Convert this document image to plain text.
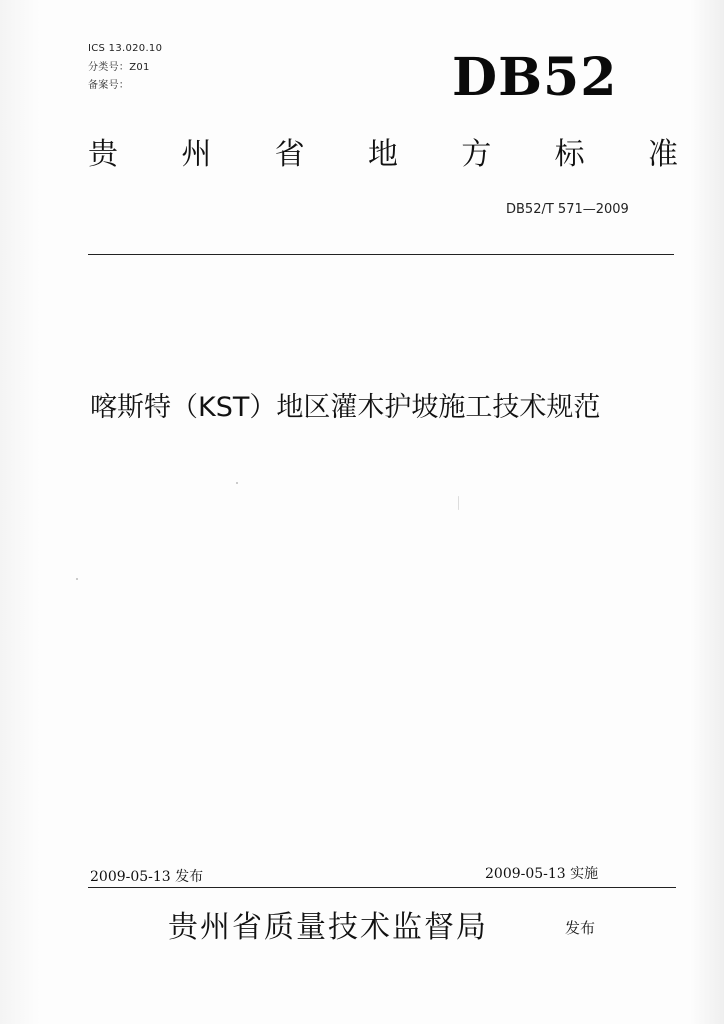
ICS 13.020.10
分类号：Z01
备案号：	DB52
贵 州 省 地 方 标 准
DB52/T 571—2009
喀斯特（KST）地区灌木护坡施工技术规范
2009-05-13 发布	2009-05-13 实施
贵州省质量技术监督局	发布
